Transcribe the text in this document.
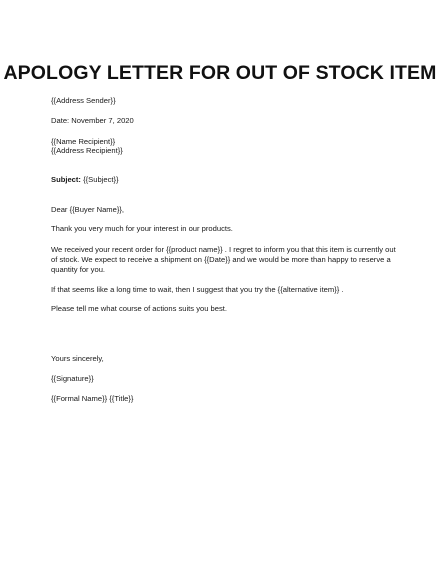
APOLOGY LETTER FOR OUT OF STOCK ITEM
{{Address Sender}}
Date: November 7, 2020
{{Name Recipient}}
{{Address Recipient}}
Subject: {{Subject}}
Dear {{Buyer Name}},
Thank you very much for your interest in our products.
We received your recent order for {{product name}} . I regret to inform you that this item is currently out of stock. We expect to receive a shipment on {{Date}} and we would be more than happy to reserve a quantity for you.
If that seems like a long time to wait, then I suggest that you try the {{alternative item}} .
Please tell me what course of actions suits you best.
Yours sincerely,
{{Signature}}
{{Formal Name}} {{Title}}
